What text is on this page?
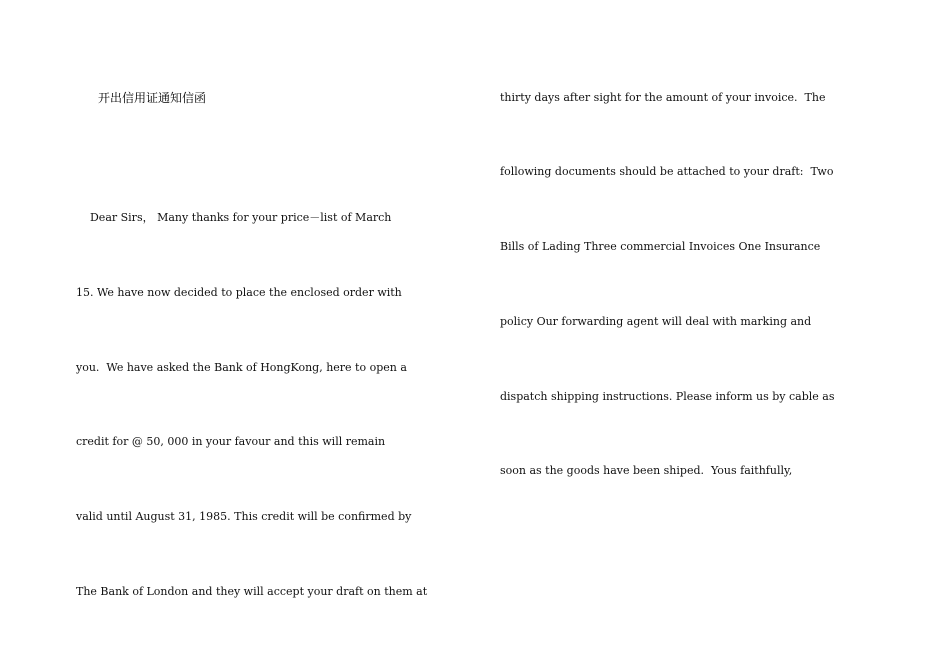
开出信用证通知信函
Dear Sirs， Many thanks for your price－list of March
15. We have now decided to place the enclosed order with
you.  We have asked the Bank of HongKong, here to open a
credit for @ 50, 000 in your favour and this will remain
valid until August 31, 1985. This credit will be confirmed by
The Bank of London and they will accept your draft on them at
thirty days after sight for the amount of your invoice.  The
following documents should be attached to your draft:  Two
Bills of Lading Three commercial Invoices One Insurance
policy Our forwarding agent will deal with marking and
dispatch shipping instructions. Please inform us by cable as
soon as the goods have been shiped.  Yous faithfully,
